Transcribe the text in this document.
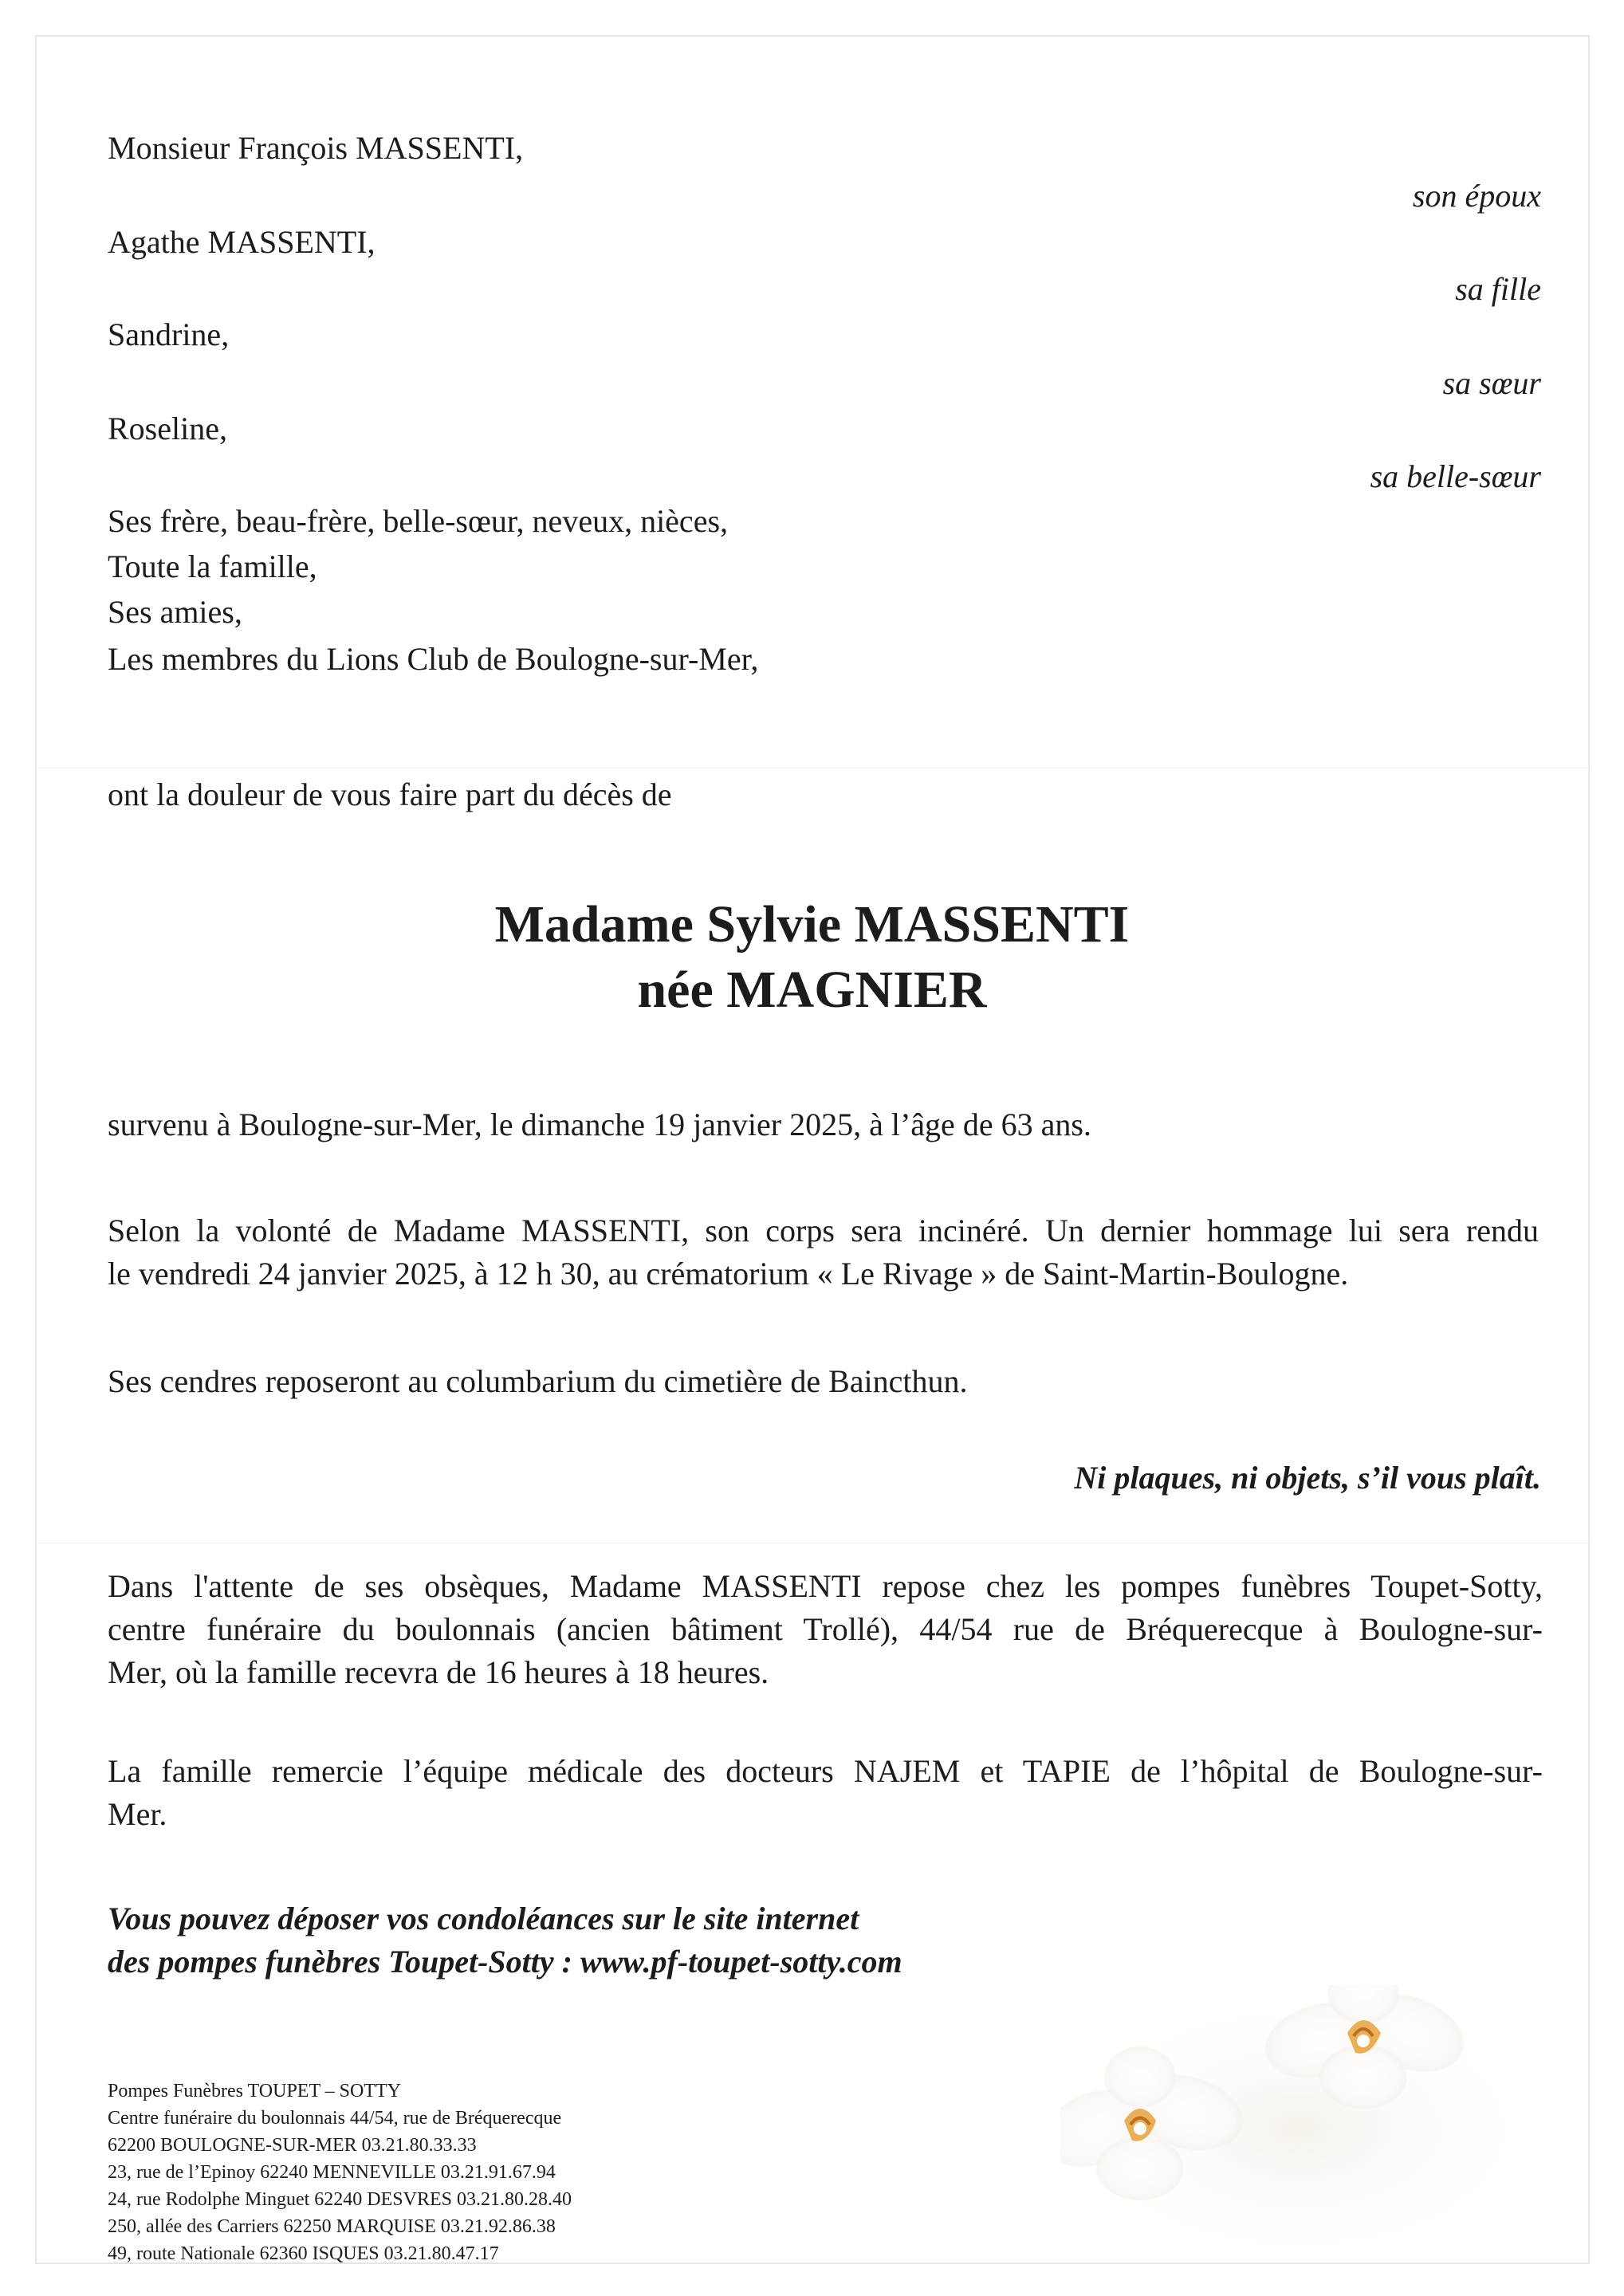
Monsieur François MASSENTI,

son époux

Agathe MASSENTI,

sa fille

Sandrine,

sa sœur

Roseline,

sa belle-sœur

Ses frère, beau-frère, belle-sœur, neveux, nièces,

Toute la famille,

Ses amies,

Les membres du Lions Club de Boulogne-sur-Mer,

ont la douleur de vous faire part du décès de

Madame Sylvie MASSENTI

née MAGNIER

survenu à Boulogne-sur-Mer, le dimanche 19 janvier 2025, à l’âge de 63 ans.

Selon la volonté de Madame MASSENTI, son corps sera incinéré. Un dernier hommage lui sera rendu
le vendredi 24 janvier 2025, à 12 h 30, au crématorium « Le Rivage » de Saint-Martin-Boulogne.

Ses cendres reposeront au columbarium du cimetière de Baincthun.

Ni plaques, ni objets, s’il vous plaît.

Dans l'attente de ses obsèques, Madame MASSENTI repose chez les pompes funèbres Toupet-Sotty,
centre funéraire du boulonnais (ancien bâtiment Trollé), 44/54 rue de Bréquerecque à Boulogne-sur-
Mer, où la famille recevra de 16 heures à 18 heures.

La famille remercie l’équipe médicale des docteurs NAJEM et TAPIE de l’hôpital de Boulogne-sur-
Mer.

Vous pouvez déposer vos condoléances sur le site internet
des pompes funèbres Toupet-Sotty : www.pf-toupet-sotty.com

Pompes Funèbres TOUPET – SOTTY
Centre funéraire du boulonnais 44/54, rue de Bréquerecque
62200 BOULOGNE-SUR-MER 03.21.80.33.33
23, rue de l’Epinoy 62240 MENNEVILLE 03.21.91.67.94
24, rue Rodolphe Minguet 62240 DESVRES 03.21.80.28.40
250, allée des Carriers 62250 MARQUISE 03.21.92.86.38
49, route Nationale 62360 ISQUES 03.21.80.47.17
